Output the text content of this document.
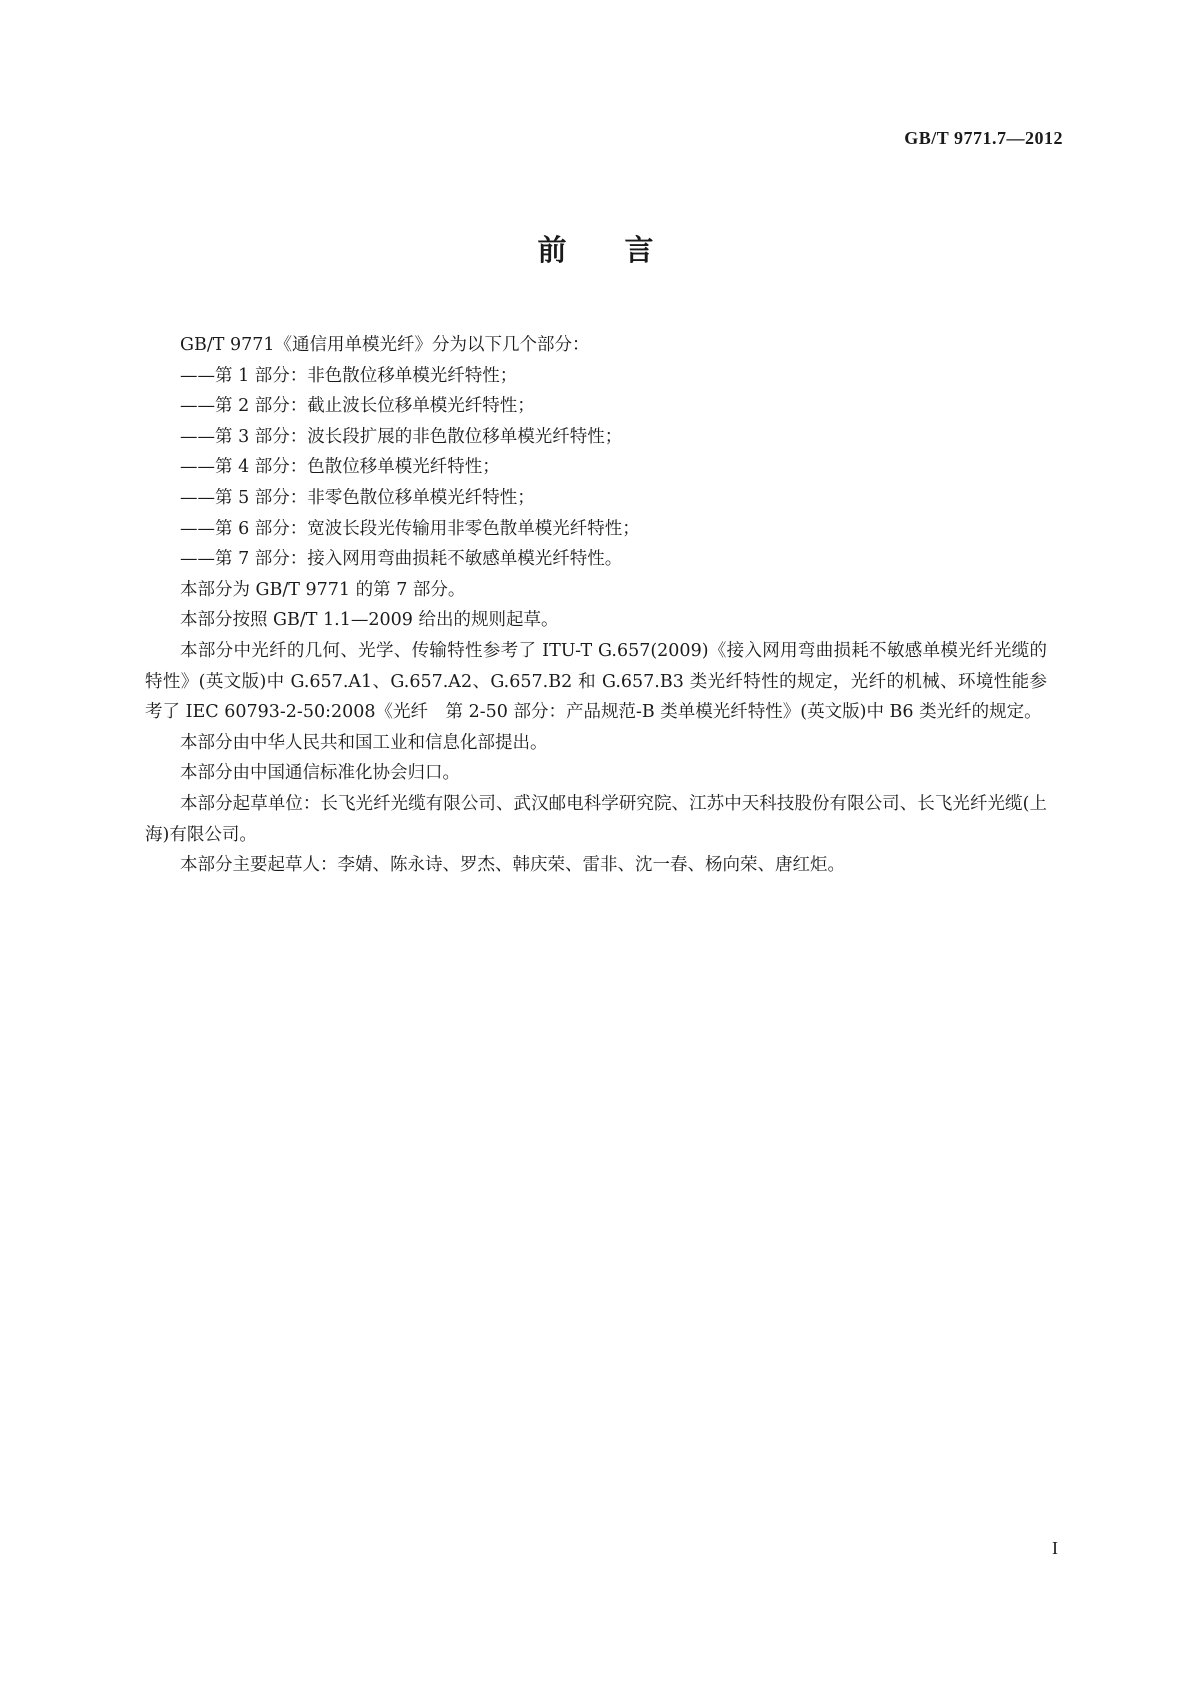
GB/T 9771.7—2012
前言

GB/T 9771《通信用单模光纤》分为以下几个部分：

——第 1 部分：非色散位移单模光纤特性；

——第 2 部分：截止波长位移单模光纤特性；

——第 3 部分：波长段扩展的非色散位移单模光纤特性；

——第 4 部分：色散位移单模光纤特性；

——第 5 部分：非零色散位移单模光纤特性；

——第 6 部分：宽波长段光传输用非零色散单模光纤特性；

——第 7 部分：接入网用弯曲损耗不敏感单模光纤特性。

本部分为 GB/T 9771 的第 7 部分。

本部分按照 GB/T 1.1—2009 给出的规则起草。

本部分中光纤的几何、光学、传输特性参考了 ITU-T G.657(2009)《接入网用弯曲损耗不敏感单模光纤光缆的特性》(英文版)中 G.657.A1、G.657.A2、G.657.B2 和 G.657.B3 类光纤特性的规定，光纤的机械、环境性能参考了 IEC 60793-2-50:2008《光纤　第 2-50 部分：产品规范-B 类单模光纤特性》(英文版)中 B6 类光纤的规定。

本部分由中华人民共和国工业和信息化部提出。

本部分由中国通信标准化协会归口。

本部分起草单位：长飞光纤光缆有限公司、武汉邮电科学研究院、江苏中天科技股份有限公司、长飞光纤光缆(上海)有限公司。

本部分主要起草人：李婧、陈永诗、罗杰、韩庆荣、雷非、沈一春、杨向荣、唐红炬。

I
